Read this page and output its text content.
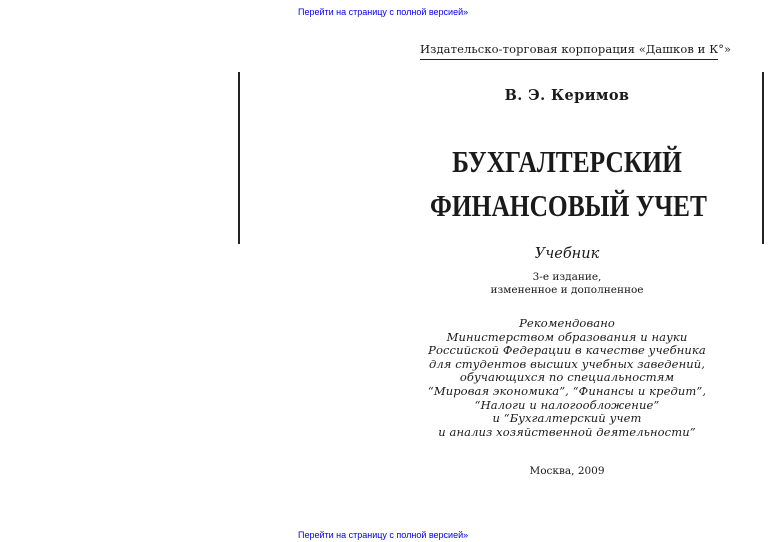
Перейти на страницу с полной версией»
Издательско-торговая корпорация «Дашков и К°»
В. Э. Керимов
БУХГАЛТЕРСКИЙ
ФИНАНСОВЫЙ УЧЕТ
Учебник
3-е издание,
измененное и дополненное
Рекомендовано
Министерством образования и науки
Российской Федерации в качестве учебника
для студентов высших учебных заведений,
обучающихся по специальностям
“Мировая экономика”, “Финансы и кредит”,
“Налоги и налогообложение”
и “Бухгалтерский учет
и анализ хозяйственной деятельности”
Москва, 2009
Перейти на страницу с полной версией»
